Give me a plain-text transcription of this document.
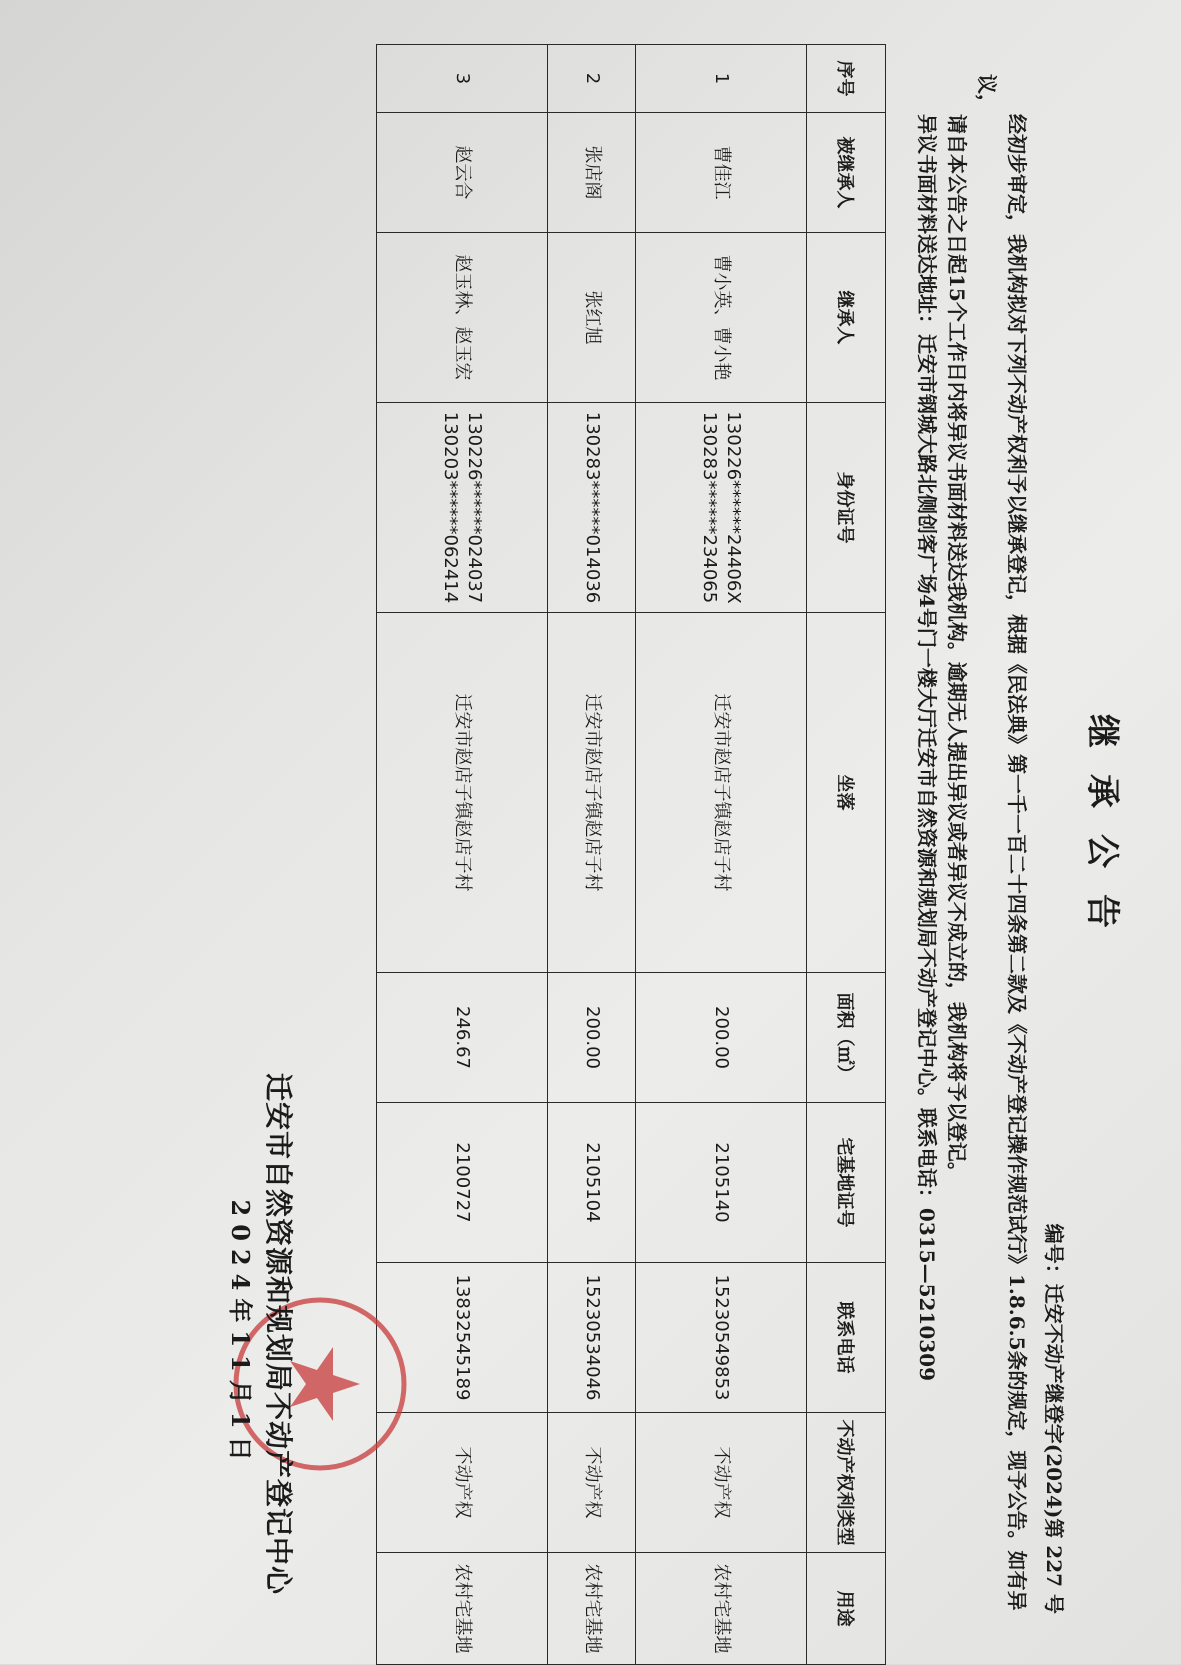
继承公告
编号：迁安不动产继登字(2024)第 227 号
经初步审定，我机构拟对下列不动产权利予以继承登记，根据《民法典》第一千一百二十四条第二款及《不动产登记操作规范试行》1.8.6.5条的规定，现予公告。如有异议，
请自本公告之日起15个工作日内将异议书面材料送达我机构。逾期无人提出异议或者异议不成立的，我机构将予以登记。
异议书面材料送达地址：迁安市钢城大路北侧创客广场4号门一楼大厅迁安市自然资源和规划局不动产登记中心。联系电话：0315—5210309
序号	被继承人	继承人	身份证号	坐落	面积（㎡）	宅基地证号	联系电话	不动产权利类型	用途
1	曹佳江	曹小英、曹小艳	130226******24406X
130283******234065	迁安市赵店子镇赵店子村	200.00	2105140	15230549853	不动产权	农村宅基地
2	张店阁	张红旭	130283******014036	迁安市赵店子镇赵店子村	200.00	2105104	15230534046	不动产权	农村宅基地
3	赵云合	赵玉林、赵玉宏	130226******024037
130203******062414	迁安市赵店子镇赵店子村	246.67	2100727	13832545189	不动产权	农村宅基地
迁安市自然资源和规划局不动产登记中心
2024年11月1日
